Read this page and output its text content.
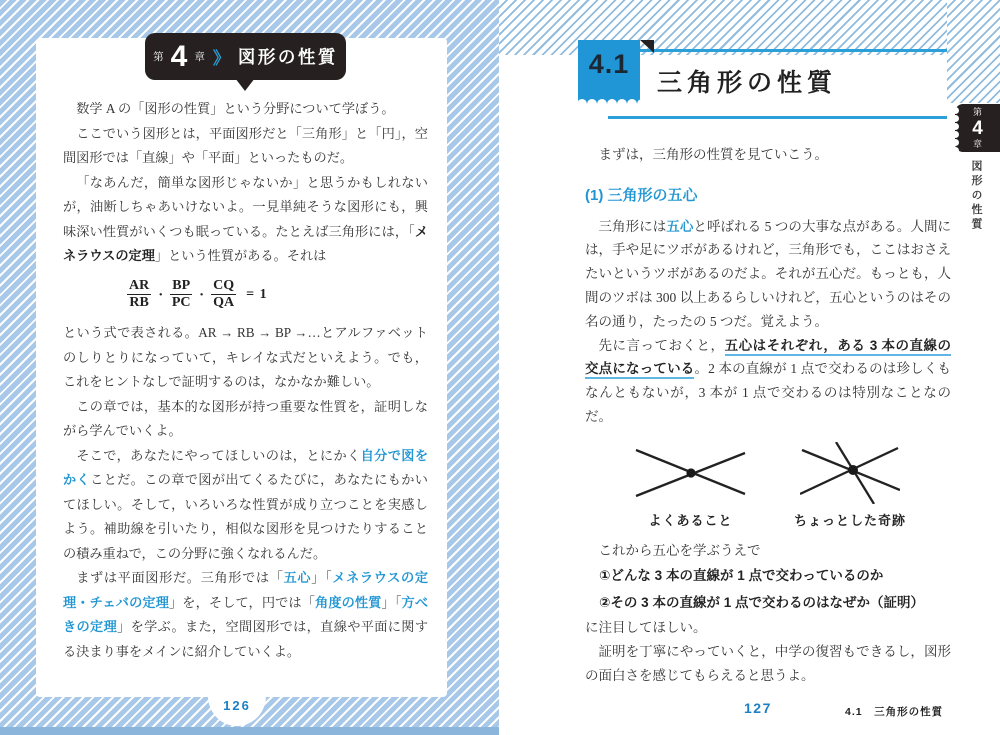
第 4 章 》 図形の性質

数学 A の「図形の性質」という分野について学ぼう。

ここでいう図形とは，平面図形だと「三角形」と「円」，空間図形では「直線」や「平面」といったものだ。

「なあんだ，簡単な図形じゃないか」と思うかもしれないが，油断しちゃあいけないよ。一見単純そうな図形にも，興味深い性質がいくつも眠っている。たとえば三角形には，「メネラウスの定理」という性質がある。それは

$\frac{AR}{RB} \cdot \frac{BP}{PC} \cdot \frac{CQ}{QA} = 1$

という式で表される。AR → RB → BP →…とアルファベットのしりとりになっていて，キレイな式だといえよう。でも，これをヒントなしで証明するのは，なかなか難しい。

この章では，基本的な図形が持つ重要な性質を，証明しながら学んでいくよ。

そこで，あなたにやってほしいのは，とにかく自分で図をかくことだ。この章で図が出てくるたびに，あなたにもかいてほしい。そして，いろいろな性質が成り立つことを実感しよう。補助線を引いたり，相似な図形を見つけたりすることの積み重ねで，この分野に強くなれるんだ。

まずは平面図形だ。三角形では「五心」「メネラウスの定理・チェバの定理」を，そして，円では「角度の性質」「方べきの定理」を学ぶ。また，空間図形では，直線や平面に関する決まり事をメインに紹介していくよ。

126
4.1
三角形の性質

まずは，三角形の性質を見ていこう。

(1) 三角形の五心

三角形には五心と呼ばれる 5 つの大事な点がある。人間には，手や足にツボがあるけれど，三角形でも，ここはおさえたいというツボがあるのだよ。それが五心だ。もっとも，人間のツボは 300 以上あるらしいけれど，五心というのはその名の通り，たったの 5 つだ。覚えよう。

先に言っておくと，五心はそれぞれ，ある 3 本の直線の交点になっている。2 本の直線が 1 点で交わるのは珍しくもなんともないが，3 本が 1 点で交わるのは特別なことなのだ。

よくあること	ちょっとした奇跡

これから五心を学ぶうえで

①どんな 3 本の直線が 1 点で交わっているのか

②その 3 本の直線が 1 点で交わるのはなぜか（証明）

に注目してほしい。

証明を丁寧にやっていくと，中学の復習もできるし，図形の面白さを感じてもらえると思うよ。

127	4.1　三角形の性質
第
4
章
図形の性質
